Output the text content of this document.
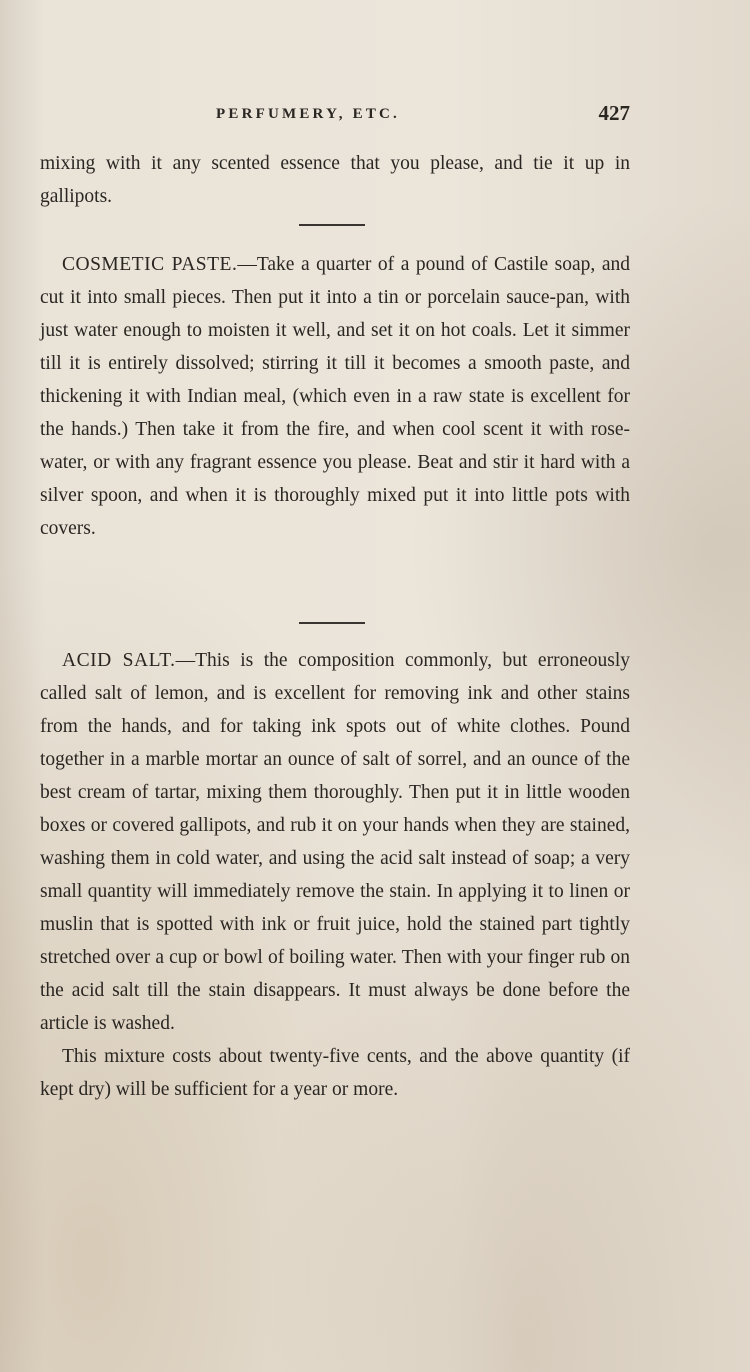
PERFUMERY, ETC.	427

mixing with it any scented essence that you please, and tie it up in gallipots.

COSMETIC PASTE.—Take a quarter of a pound of Castile soap, and cut it into small pieces. Then put it into a tin or porcelain sauce-pan, with just water enough to moisten it well, and set it on hot coals. Let it simmer till it is entirely dissolved; stirring it till it becomes a smooth paste, and thickening it with Indian meal, (which even in a raw state is excellent for the hands.) Then take it from the fire, and when cool scent it with rose-water, or with any fragrant essence you please. Beat and stir it hard with a silver spoon, and when it is thoroughly mixed put it into little pots with covers.

ACID SALT.—This is the composition commonly, but erroneously called salt of lemon, and is excellent for removing ink and other stains from the hands, and for taking ink spots out of white clothes. Pound together in a marble mortar an ounce of salt of sorrel, and an ounce of the best cream of tartar, mixing them thoroughly. Then put it in little wooden boxes or covered gallipots, and rub it on your hands when they are stained, washing them in cold water, and using the acid salt instead of soap; a very small quantity will immediately remove the stain. In applying it to linen or muslin that is spotted with ink or fruit juice, hold the stained part tightly stretched over a cup or bowl of boiling water. Then with your finger rub on the acid salt till the stain disappears. It must always be done before the article is washed.

This mixture costs about twenty-five cents, and the above quantity (if kept dry) will be sufficient for a year or more.
